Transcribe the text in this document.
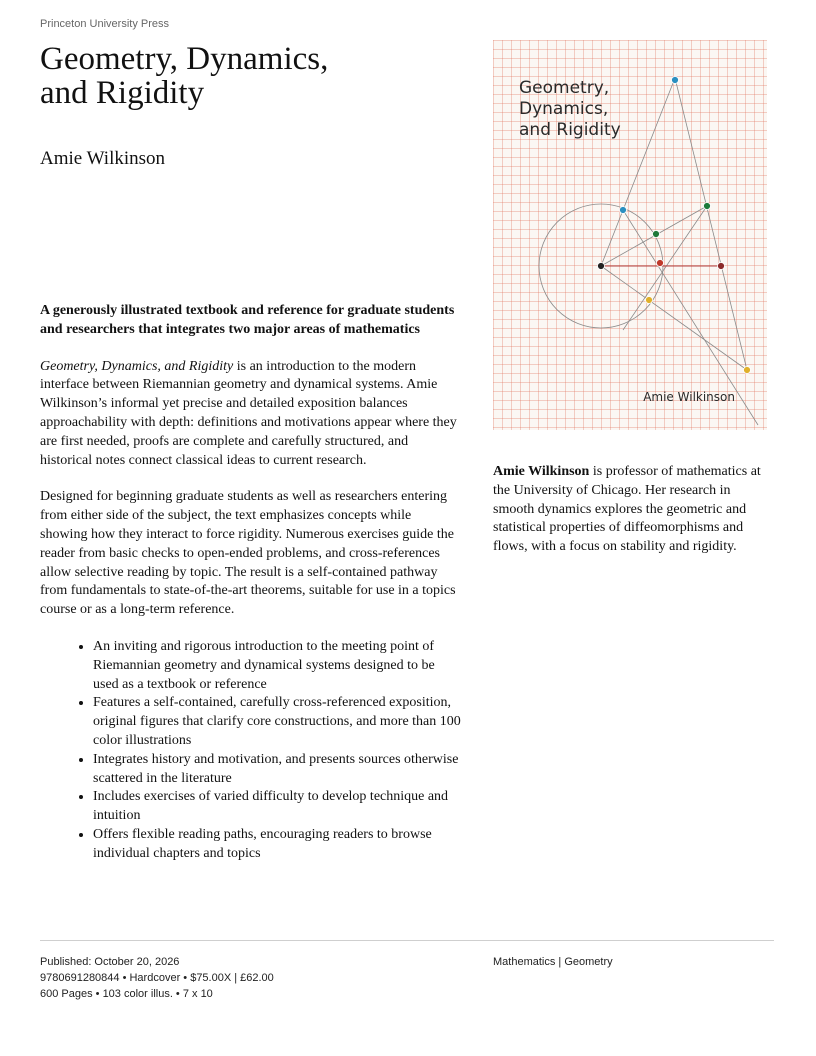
Princeton University Press
Geometry, Dynamics,
and Rigidity
Amie Wilkinson

A generously illustrated textbook and reference for graduate students and researchers that integrates two major areas of mathematics

Geometry, Dynamics, and Rigidity is an introduction to the modern interface between Riemannian geometry and dynamical systems. Amie Wilkinson’s informal yet precise and detailed exposition balances approachability with depth: definitions and motivations appear where they are first needed, proofs are complete and carefully structured, and historical notes connect classical ideas to current research.

Designed for beginning graduate students as well as researchers entering from either side of the subject, the text emphasizes concepts while showing how they interact to force rigidity. Numerous exercises guide the reader from basic checks to open-ended problems, and cross-references allow selective reading by topic. The result is a self-contained pathway from fundamentals to state-of-the-art theorems, suitable for use in a topics course or as a long-term reference.

• An inviting and rigorous introduction to the meeting point of Riemannian geometry and dynamical systems designed to be used as a textbook or reference
• Features a self-contained, carefully cross-referenced exposition, original figures that clarify core constructions, and more than 100 color illustrations
• Integrates history and motivation, and presents sources otherwise scattered in the literature
• Includes exercises of varied difficulty to develop technique and intuition
• Offers flexible reading paths, encouraging readers to browse individual chapters and topics
Geometry,
Dynamics,
and Rigidity
Amie Wilkinson

Amie Wilkinson is professor of mathematics at the University of Chicago. Her research in smooth dynamics explores the geometric and statistical properties of diffeomorphisms and flows, with a focus on stability and rigidity.

Published: October 20, 2026
9780691280844 • Hardcover • $75.00X | £62.00
600 Pages • 103 color illus. • 7 x 10
Mathematics | Geometry
